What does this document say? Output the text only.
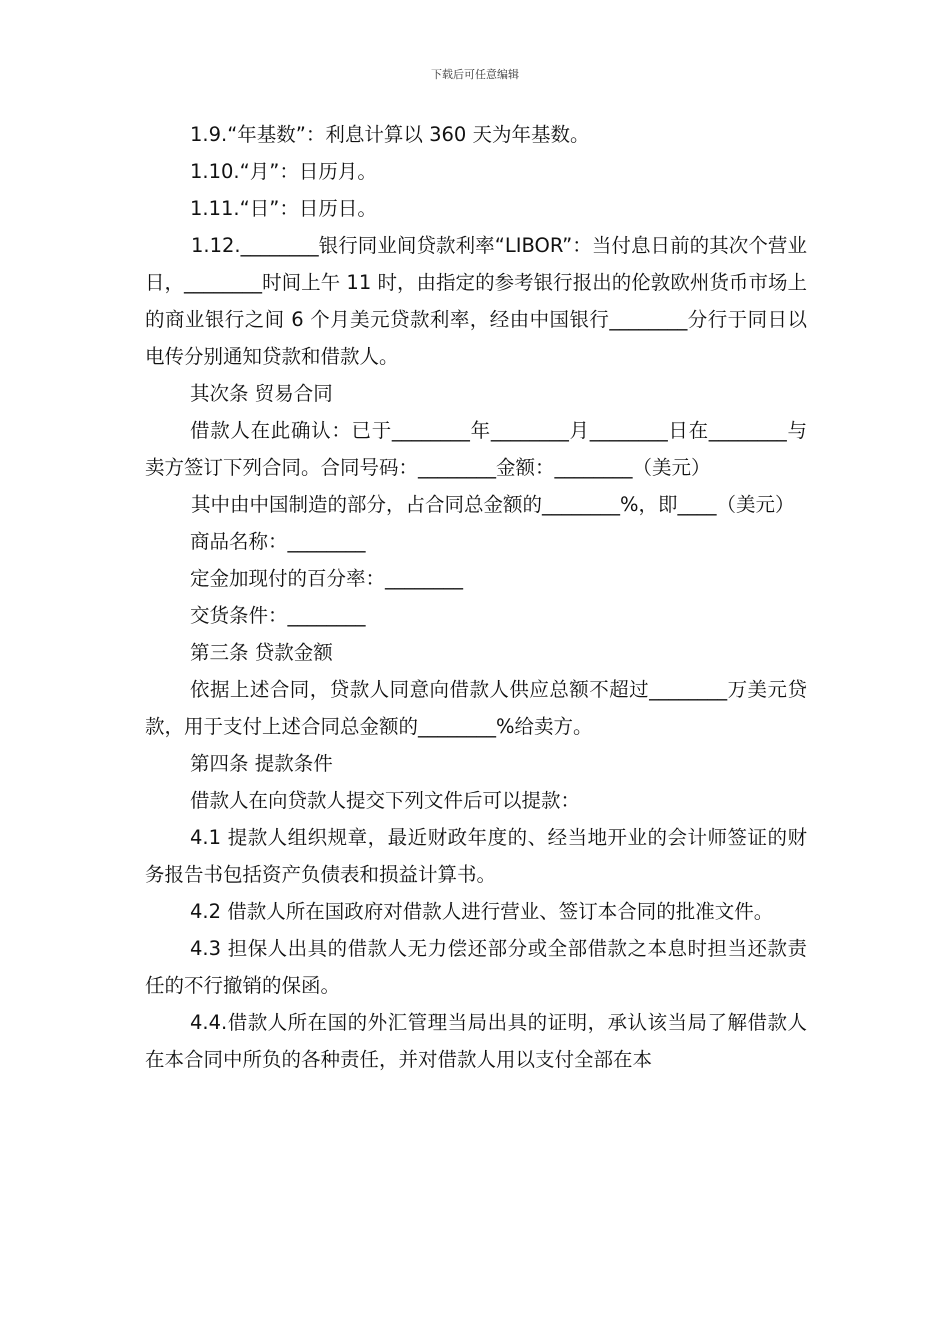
下载后可任意编辑

1.9.“年基数”：利息计算以 360 天为年基数。

1.10.“月”：日历月。

1.11.“日”：日历日。

1.12.________银行同业间贷款利率“LIBOR”：当付息日前的其次个营业日，________时间上午 11 时，由指定的参考银行报出的伦敦欧州货币市场上的商业银行之间 6 个月美元贷款利率，经由中国银行________分行于同日以电传分别通知贷款和借款人。

其次条 贸易合同

借款人在此确认：已于________年________月________日在________与卖方签订下列合同。合同号码：________金额：________（美元）

其中由中国制造的部分，占合同总金额的________%，即____（美元）

商品名称：________

定金加现付的百分率：________

交货条件：________

第三条 贷款金额

依据上述合同，贷款人同意向借款人供应总额不超过________万美元贷款，用于支付上述合同总金额的________%给卖方。

第四条 提款条件

借款人在向贷款人提交下列文件后可以提款：

4.1 提款人组织规章，最近财政年度的、经当地开业的会计师签证的财务报告书包括资产负债表和损益计算书。

4.2 借款人所在国政府对借款人进行营业、签订本合同的批准文件。

4.3 担保人出具的借款人无力偿还部分或全部借款之本息时担当还款责任的不行撤销的保函。

4.4.借款人所在国的外汇管理当局出具的证明，承认该当局了解借款人在本合同中所负的各种责任，并对借款人用以支付全部在本
